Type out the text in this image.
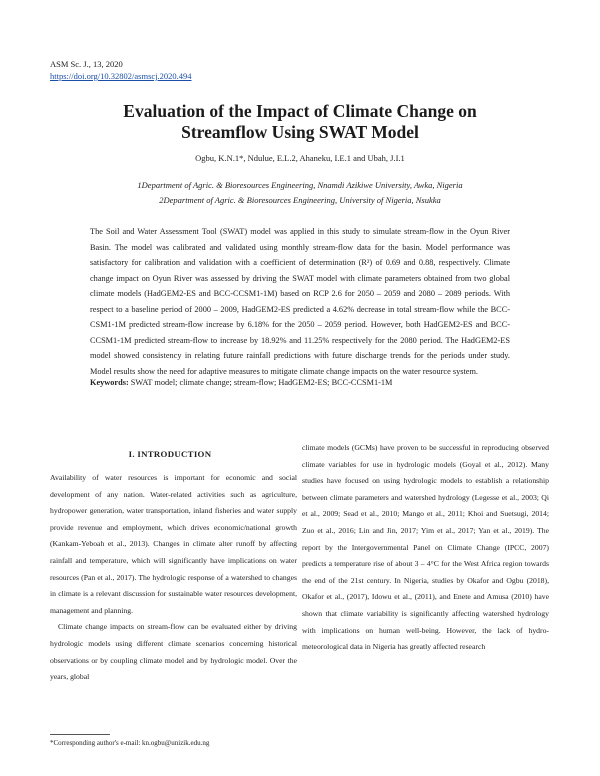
ASM Sc. J., 13, 2020
https://doi.org/10.32802/asmscj.2020.494
Evaluation of the Impact of Climate Change on
Streamflow Using SWAT Model
Ogbu, K.N.1*, Ndulue, E.L.2, Ahaneku, I.E.1 and Ubah, J.I.1
1Department of Agric. & Bioresources Engineering, Nnamdi Azikiwe University, Awka, Nigeria
2Department of Agric. & Bioresources Engineering, University of Nigeria, Nsukka

The Soil and Water Assessment Tool (SWAT) model was applied in this study to simulate stream-flow in the Oyun River Basin. The model was calibrated and validated using monthly stream-flow data for the basin. Model performance was satisfactory for calibration and validation with a coefficient of determination (R²) of 0.69 and 0.88, respectively. Climate change impact on Oyun River was assessed by driving the SWAT model with climate parameters obtained from two global climate models (HadGEM2-ES and BCC-CCSM1-1M) based on RCP 2.6 for 2050 – 2059 and 2080 – 2089 periods. With respect to a baseline period of 2000 – 2009, HadGEM2-ES predicted a 4.62% decrease in total stream-flow while the BCC-CSM1-1M predicted stream-flow increase by 6.18% for the 2050 – 2059 period. However, both HadGEM2-ES and BCC-CCSM1-1M predicted stream-flow to increase by 18.92% and 11.25% respectively for the 2080 period. The HadGEM2-ES model showed consistency in relating future rainfall predictions with future discharge trends for the periods under study. Model results show the need for adaptive measures to mitigate climate change impacts on the water resource system.

Keywords: SWAT model; climate change; stream-flow; HadGEM2-ES; BCC-CCSM1-1M
I. INTRODUCTION

Availability of water resources is important for economic and social development of any nation. Water-related activities such as agriculture, hydropower generation, water transportation, inland fisheries and water supply provide revenue and employment, which drives economic/national growth (Kankam-Yeboah et al., 2013). Changes in climate alter runoff by affecting rainfall and temperature, which will significantly have implications on water resources (Pan et al., 2017). The hydrologic response of a watershed to changes in climate is a relevant discussion for sustainable water resources development, management and planning.

Climate change impacts on stream-flow can be evaluated either by driving hydrologic models using different climate scenarios concerning historical observations or by coupling climate model and by hydrologic model. Over the years, global

climate models (GCMs) have proven to be successful in reproducing observed climate variables for use in hydrologic models (Goyal et al., 2012). Many studies have focused on using hydrologic models to establish a relationship between climate parameters and watershed hydrology (Legesse et al., 2003; Qi et al., 2009; Sead et al., 2010; Mango et al., 2011; Khoi and Suetsugi, 2014; Zuo et al., 2016; Lin and Jin, 2017; Yim et al., 2017; Yan et al., 2019). The report by the Intergovernmental Panel on Climate Change (IPCC, 2007) predicts a temperature rise of about 3 – 4°C for the West Africa region towards the end of the 21st century. In Nigeria, studies by Okafor and Ogbu (2018), Okafor et al., (2017), Idowu et al., (2011), and Enete and Amusa (2010) have shown that climate variability is significantly affecting watershed hydrology with implications on human well-being. However, the lack of hydro-meteorological data in Nigeria has greatly affected research

*Corresponding author's e-mail: kn.ogbu@unizik.edu.ng
